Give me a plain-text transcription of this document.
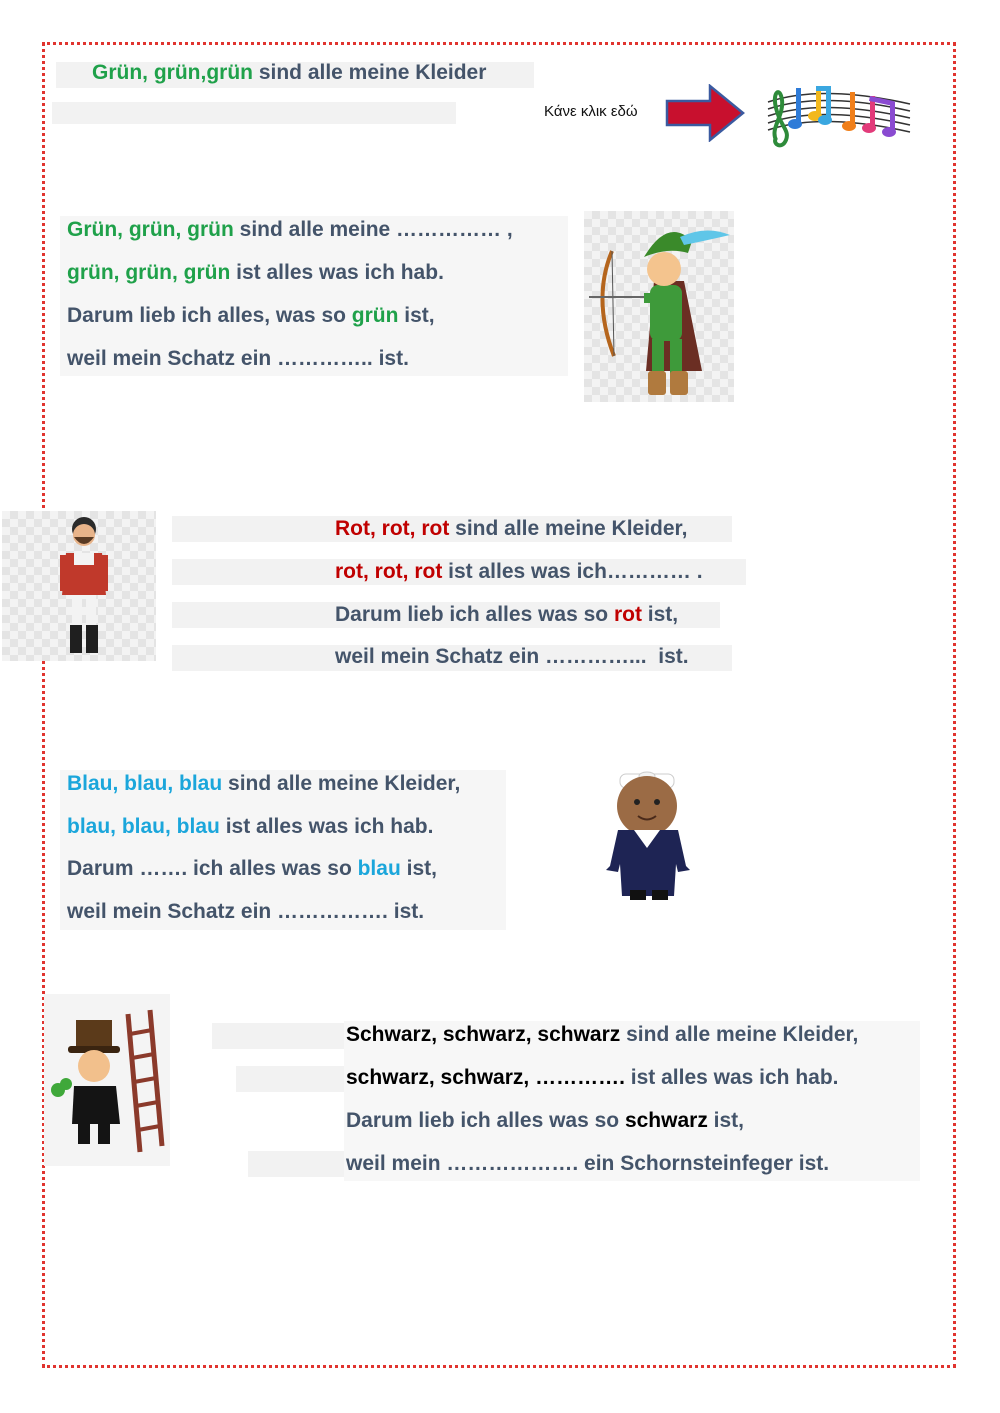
Grün, grün,grün sind alle meine Kleider
Κάνε κλικ εδώ
Grün, grün, grün sind alle meine …………… ,
grün, grün, grün ist alles was ich hab.
Darum lieb ich alles, was so grün ist,
weil mein Schatz ein ………….. ist.
Rot, rot, rot sind alle meine Kleider,
rot, rot, rot ist alles was ich………… .
Darum lieb ich alles was so rot ist,
weil mein Schatz ein …………...  ist.
Blau, blau, blau sind alle meine Kleider,
blau, blau, blau ist alles was ich hab.
Darum ……. ich alles was so blau ist,
weil mein Schatz ein ……………. ist.
Schwarz, schwarz, schwarz sind alle meine Kleider,
schwarz, schwarz, …………. ist alles was ich hab.
Darum lieb ich alles was so schwarz ist,
weil mein ………………. ein Schornsteinfeger ist.
